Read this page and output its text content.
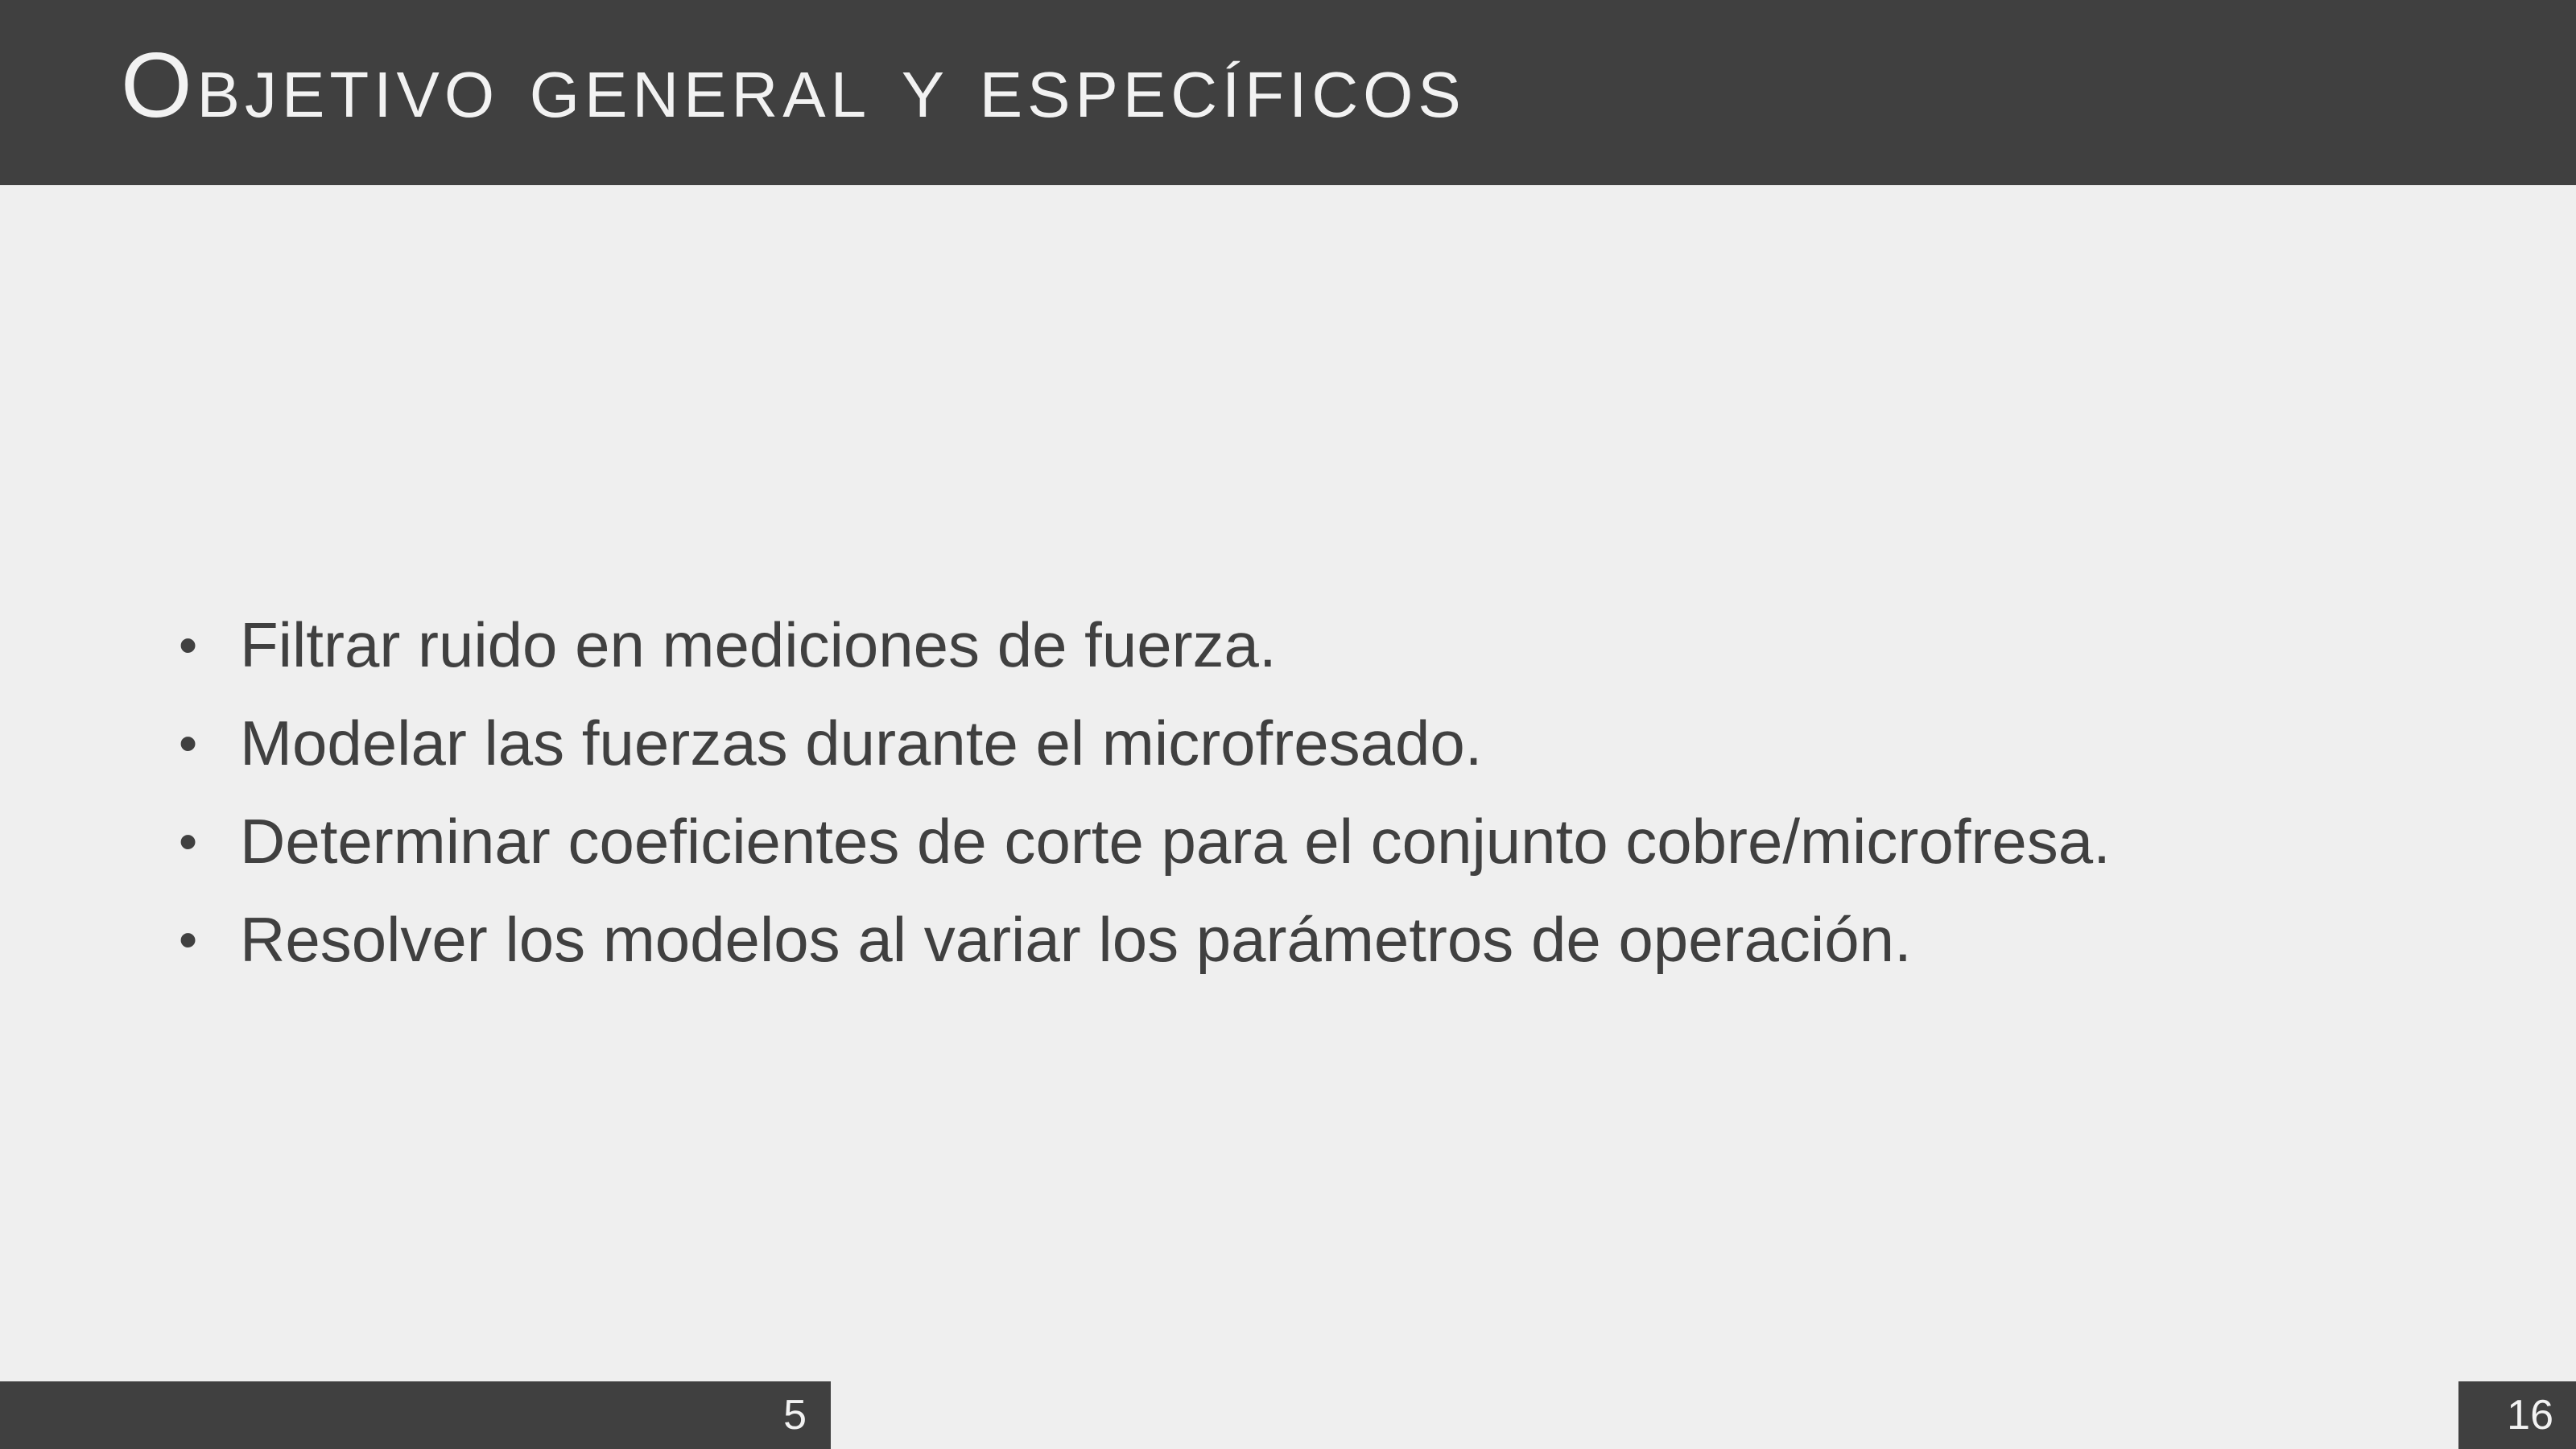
Objetivo general y específicos
• Filtrar ruido en mediciones de fuerza.
• Modelar las fuerzas durante el microfresado.
• Determinar coeficientes de corte para el conjunto cobre/microfresa.
• Resolver los modelos al variar los parámetros de operación.
5	16
